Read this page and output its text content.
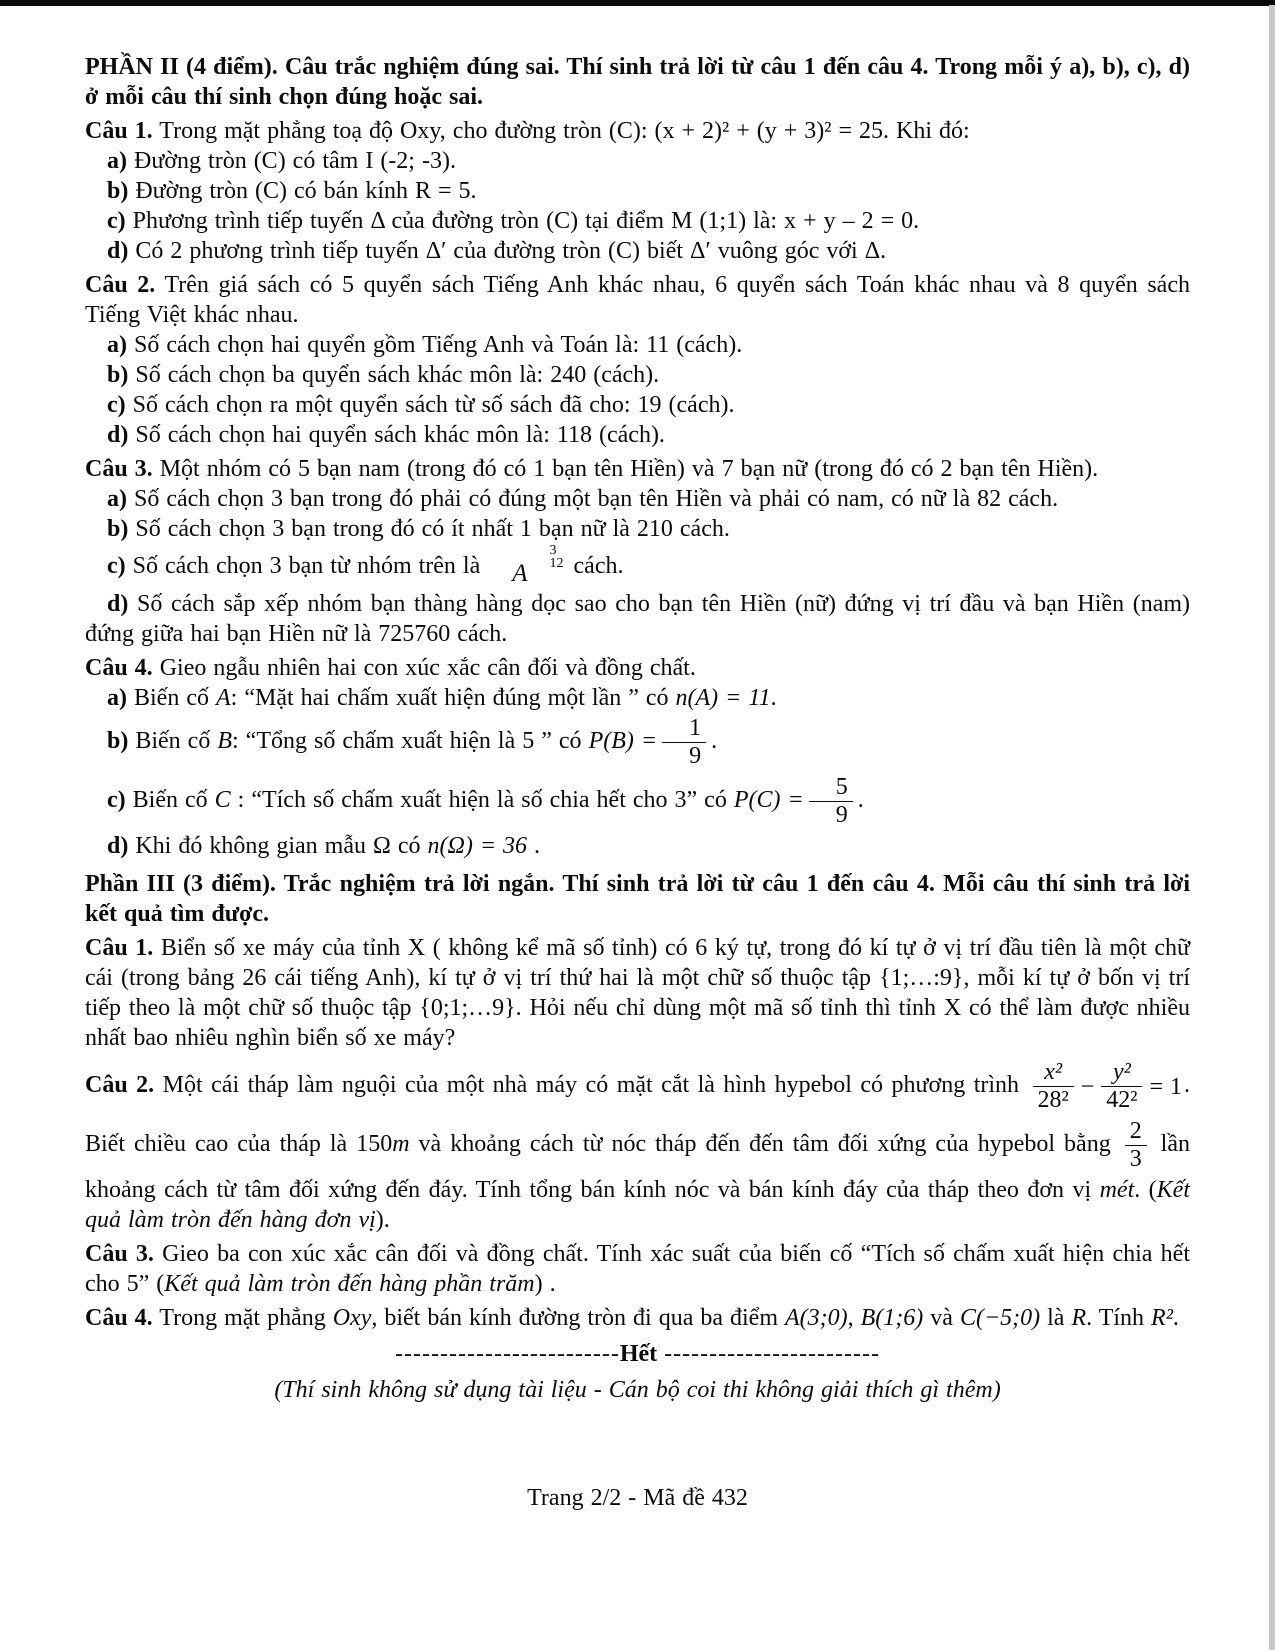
PHẦN II (4 điểm). Câu trắc nghiệm đúng sai. Thí sinh trả lời từ câu 1 đến câu 4. Trong mỗi ý a), b), c), d) ở mỗi câu thí sinh chọn đúng hoặc sai.

Câu 1. Trong mặt phẳng toạ độ Oxy, cho đường tròn (C): (x + 2)² + (y + 3)² = 25. Khi đó:

a) Đường tròn (C) có tâm I (-2; -3).

b) Đường tròn (C) có bán kính R = 5.

c) Phương trình tiếp tuyến Δ của đường tròn (C) tại điểm M (1;1) là: x + y – 2 = 0.

d) Có 2 phương trình tiếp tuyến Δ′ của đường tròn (C) biết Δ′ vuông góc với Δ.

Câu 2. Trên giá sách có 5 quyển sách Tiếng Anh khác nhau, 6 quyển sách Toán khác nhau và 8 quyển sách Tiếng Việt khác nhau.

a) Số cách chọn hai quyển gồm Tiếng Anh và Toán là: 11 (cách).

b) Số cách chọn ba quyển sách khác môn là: 240 (cách).

c) Số cách chọn ra một quyển sách từ số sách đã cho: 19 (cách).

d) Số cách chọn hai quyển sách khác môn là: 118 (cách).

Câu 3. Một nhóm có 5 bạn nam (trong đó có 1 bạn tên Hiền) và 7 bạn nữ (trong đó có 2 bạn tên Hiền).

a) Số cách chọn 3 bạn trong đó phải có đúng một bạn tên Hiền và phải có nam, có nữ là 82 cách.

b) Số cách chọn 3 bạn trong đó có ít nhất 1 bạn nữ là 210 cách.

c) Số cách chọn 3 bạn từ nhóm trên là A
3
12 cách.

d) Số cách sắp xếp nhóm bạn thàng hàng dọc sao cho bạn tên Hiền (nữ) đứng vị trí đầu và bạn Hiền (nam) đứng giữa hai bạn Hiền nữ là 725760 cách.

Câu 4. Gieo ngẫu nhiên hai con xúc xắc cân đối và đồng chất.

a) Biến cố A: “Mặt hai chấm xuất hiện đúng một lần ” có n(A) = 11.

b) Biến cố B: “Tổng số chấm xuất hiện là 5 ” có $P(B) = \frac{1}{9}$ .

c) Biến cố C : “Tích số chấm xuất hiện là số chia hết cho 3” có $P(C) = \frac{5}{9}$ .

d) Khi đó không gian mẫu Ω có n(Ω) = 36 .

Phần III (3 điểm). Trắc nghiệm trả lời ngắn. Thí sinh trả lời từ câu 1 đến câu 4. Mỗi câu thí sinh trả lời kết quả tìm được.

Câu 1. Biển số xe máy của tỉnh X ( không kể mã số tỉnh) có 6 ký tự, trong đó kí tự ở vị trí đầu tiên là một chữ cái (trong bảng 26 cái tiếng Anh), kí tự ở vị trí thứ hai là một chữ số thuộc tập {1;…:9}, mỗi kí tự ở bốn vị trí tiếp theo là một chữ số thuộc tập {0;1;…9}. Hỏi nếu chỉ dùng một mã số tỉnh thì tỉnh X có thể làm được nhiều nhất bao nhiêu nghìn biển số xe máy?

Câu 2. Một cái tháp làm nguội của một nhà máy có mặt cắt là hình hypebol có phương trình $\frac{\text{x²}}{\text{28²}} - \frac{\text{y²}}{\text{42²}} = 1$. Biết chiều cao của tháp là 150m và khoảng cách từ nóc tháp đến đến tâm đối xứng của hypebol bằng $\frac{2}{3}$ lần khoảng cách từ tâm đối xứng đến đáy. Tính tổng bán kính nóc và bán kính đáy của tháp theo đơn vị mét. (Kết quả làm tròn đến hàng đơn vị).

Câu 3. Gieo ba con xúc xắc cân đối và đồng chất. Tính xác suất của biến cố “Tích số chấm xuất hiện chia hết cho 5” (Kết quả làm tròn đến hàng phần trăm) .

Câu 4. Trong mặt phẳng Oxy, biết bán kính đường tròn đi qua ba điểm A(3;0), B(1;6) và C(−5;0) là R. Tính R².

-------------------------Hết ------------------------

(Thí sinh không sử dụng tài liệu - Cán bộ coi thi không giải thích gì thêm)

Trang 2/2 - Mã đề 432
